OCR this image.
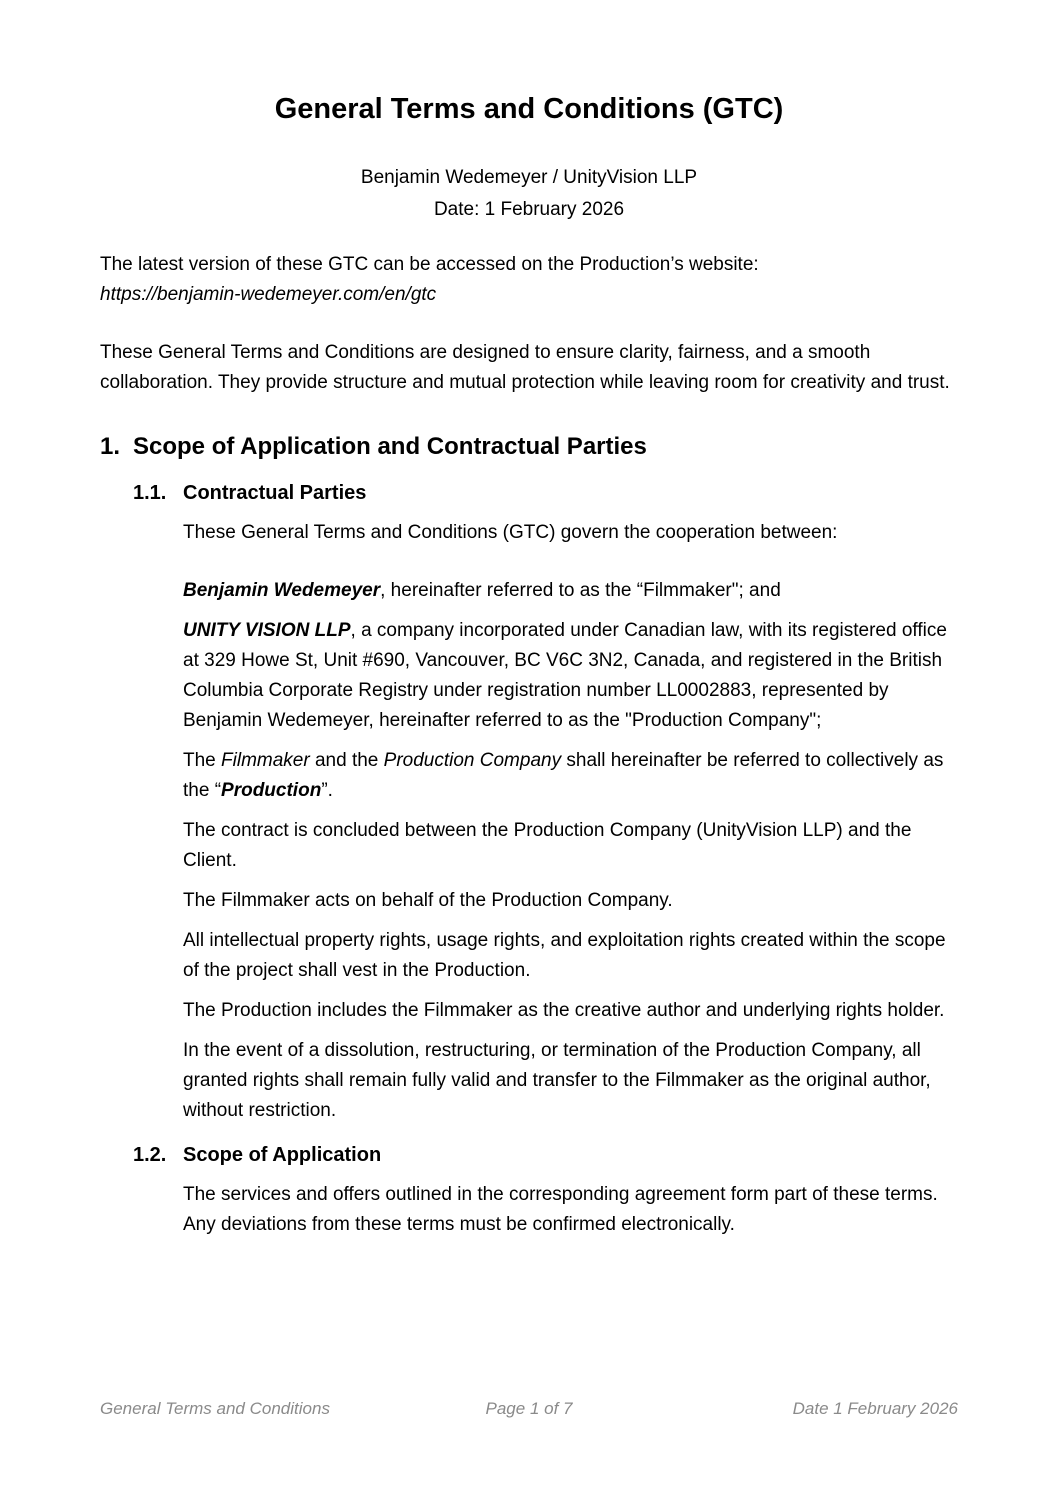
General Terms and Conditions (GTC)

Benjamin Wedemeyer / UnityVision LLP

Date: 1 February 2026

The latest version of these GTC can be accessed on the Production’s website:

https://benjamin-wedemeyer.com/en/gtc

These General Terms and Conditions are designed to ensure clarity, fairness, and a smooth collaboration. They provide structure and mutual protection while leaving room for creativity and trust.

1. Scope of Application and Contractual Parties
1.1. Contractual Parties

These General Terms and Conditions (GTC) govern the cooperation between:

Benjamin Wedemeyer, hereinafter referred to as the “Filmmaker"; and

UNITY VISION LLP, a company incorporated under Canadian law, with its registered office at 329 Howe St, Unit #690, Vancouver, BC V6C 3N2, Canada, and registered in the British Columbia Corporate Registry under registration number LL0002883, represented by Benjamin Wedemeyer, hereinafter referred to as the "Production Company";

The Filmmaker and the Production Company shall hereinafter be referred to collectively as the “Production”.

The contract is concluded between the Production Company (UnityVision LLP) and the Client.

The Filmmaker acts on behalf of the Production Company.

All intellectual property rights, usage rights, and exploitation rights created within the scope of the project shall vest in the Production.

The Production includes the Filmmaker as the creative author and underlying rights holder.

In the event of a dissolution, restructuring, or termination of the Production Company, all granted rights shall remain fully valid and transfer to the Filmmaker as the original author, without restriction.

1.2. Scope of Application

The services and offers outlined in the corresponding agreement form part of these terms. Any deviations from these terms must be confirmed electronically.

General Terms and Conditions	Page 1 of 7	Date 1 February 2026
